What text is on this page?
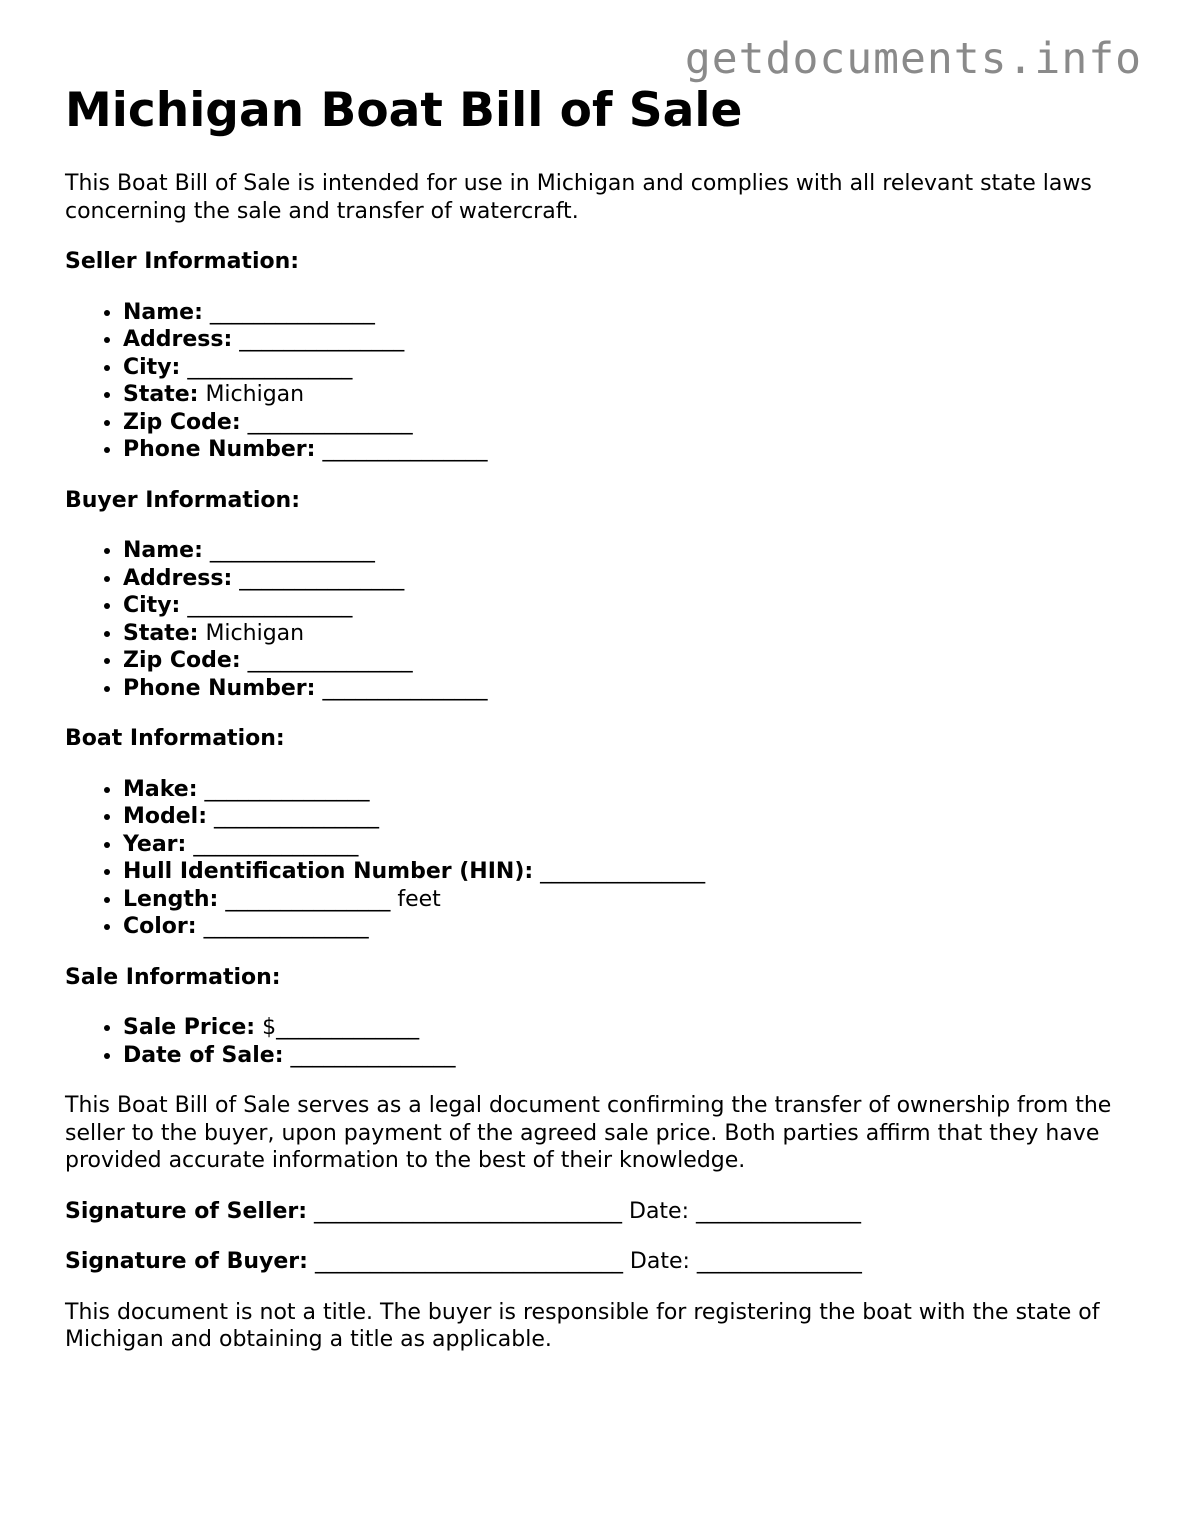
getdocuments.info
Michigan Boat Bill of Sale

This Boat Bill of Sale is intended for use in Michigan and complies with all relevant state laws concerning the sale and transfer of watercraft.

Seller Information:
• Name: _______________
• Address: _______________
• City: _______________
• State: Michigan
• Zip Code: _______________
• Phone Number: _______________
Buyer Information:
• Name: _______________
• Address: _______________
• City: _______________
• State: Michigan
• Zip Code: _______________
• Phone Number: _______________
Boat Information:
• Make: _______________
• Model: _______________
• Year: _______________
• Hull Identification Number (HIN): _______________
• Length: _______________ feet
• Color: _______________
Sale Information:
• Sale Price: $_____________
• Date of Sale: _______________

This Boat Bill of Sale serves as a legal document confirming the transfer of ownership from the seller to the buyer, upon payment of the agreed sale price. Both parties affirm that they have provided accurate information to the best of their knowledge.

Signature of Seller: ____________________________ Date: _______________
Signature of Buyer: ____________________________ Date: _______________

This document is not a title. The buyer is responsible for registering the boat with the state of Michigan and obtaining a title as applicable.
